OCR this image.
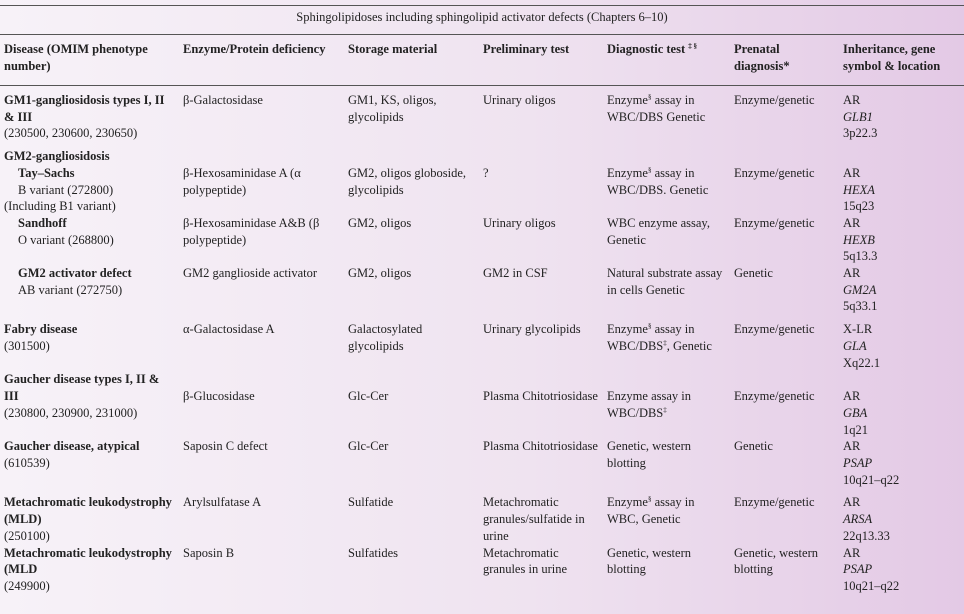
Sphingolipidoses including sphingolipid activator defects (Chapters 6–10)
Disease (OMIM phenotype number)	Enzyme/Protein deficiency	Storage material	Preliminary test	Diagnostic test ‡ §	Prenatal diagnosis*	Inheritance, gene symbol & location

GM1-gangliosidosis types I, II & III
(230500, 230600, 230650)	β-Galactosidase	GM1, KS, oligos, glycolipids	Urinary oligos	Enzyme§ assay in WBC/DBS Genetic	Enzyme/genetic	AR
GLB1
3p22.3

GM2-gangliosidosis						
Tay–Sachs
B variant (272800)
(Including B1 variant)	β-Hexosaminidase A (α polypeptide)	GM2, oligos globoside, glycolipids	?	Enzyme§ assay in WBC/DBS. Genetic	Enzyme/genetic	AR
HEXA
15q23
Sandhoff
O variant (268800)	β-Hexosaminidase A&B (β polypeptide)	GM2, oligos	Urinary oligos	WBC enzyme assay, Genetic	Enzyme/genetic	AR
HEXB
5q13.3
GM2 activator defect
AB variant (272750)	GM2 ganglioside activator	GM2, oligos	GM2 in CSF	Natural substrate assay in cells Genetic	Genetic	AR
GM2A
5q33.1

Fabry disease
(301500)	α-Galactosidase A	Galactosylated glycolipids	Urinary glycolipids	Enzyme§ assay in WBC/DBS‡, Genetic	Enzyme/genetic	X-LR
GLA
Xq22.1
Gaucher disease types I, II & III
(230800, 230900, 231000)	β-Glucosidase	Glc-Cer	Plasma Chitotriosidase	Enzyme assay in WBC/DBS‡	Enzyme/genetic	AR
GBA
1q21
Gaucher disease, atypical
(610539)	Saposin C defect	Glc-Cer	Plasma Chitotriosidase	Genetic, western blotting	Genetic	AR
PSAP
10q21–q22

Metachromatic leukodystrophy (MLD)
(250100)	Arylsulfatase A	Sulfatide	Metachromatic granules/sulfatide in urine	Enzyme§ assay in WBC, Genetic	Enzyme/genetic	AR
ARSA
22q13.33
Metachromatic leukodystrophy (MLD
(249900)	Saposin B	Sulfatides	Metachromatic granules in urine	Genetic, western blotting	Genetic, western blotting	AR
PSAP
10q21–q22
